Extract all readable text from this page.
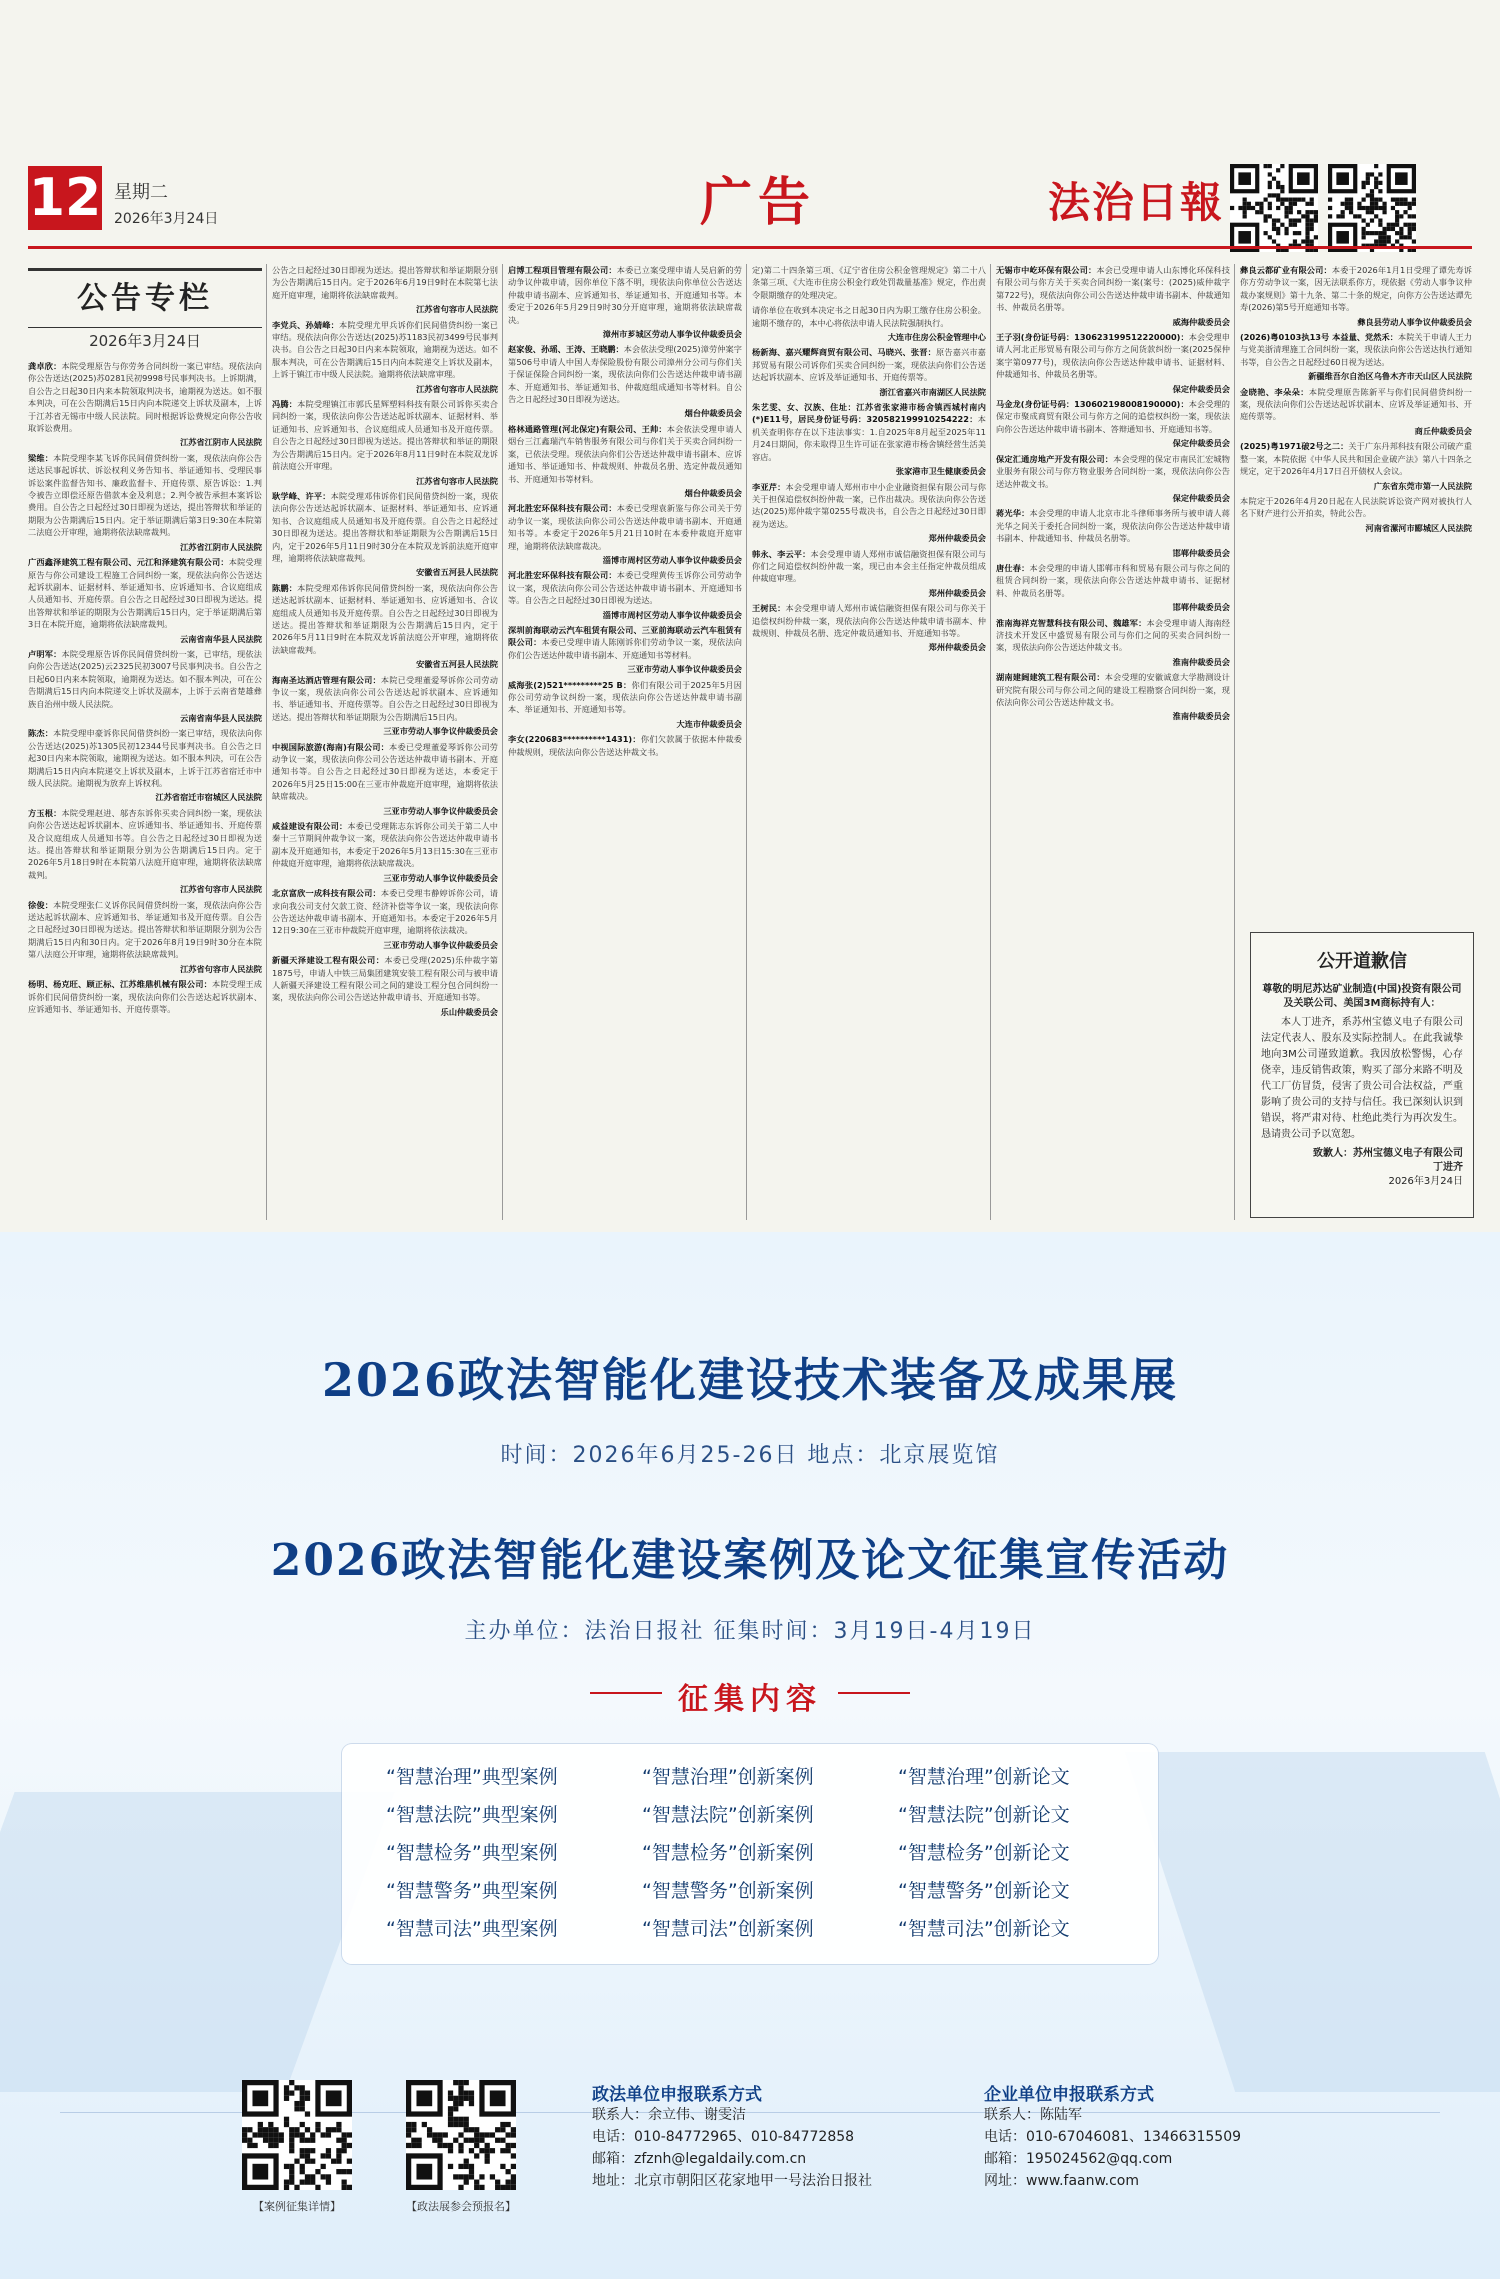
12 星期二
2026年3月24日	广告	法治日報
公告专栏
2026年3月24日
龚卓欣：本院受理原告与你劳务合同纠纷一案已审结。现依法向你公告送达(2025)苏0281民初9998号民事判决书。上诉期满，自公告之日起30日内来本院领取判决书，逾期视为送达。如不服本判决，可在公告期满后15日内向本院递交上诉状及副本，上诉于江苏省无锡市中级人民法院。同时根据诉讼费规定向你公告收取诉讼费用。
江苏省江阴市人民法院
梁维：本院受理李某飞诉你民间借贷纠纷一案，现依法向你公告送达民事起诉状、诉讼权利义务告知书、举证通知书、受理民事诉讼案件监督告知书、廉政监督卡、开庭传票、原告诉讼：1.判令被告立即偿还原告借款本金及利息；2.判令被告承担本案诉讼费用。自公告之日起经过30日即视为送达，提出答辩状和举证的期限为公告期满后15日内。定于举证期满后第3日9:30在本院第二法庭公开审理，逾期将依法缺席裁判。
江苏省江阴市人民法院
广西鑫泽建筑工程有限公司、元江和泽建筑有限公司：本院受理原告与你公司建设工程施工合同纠纷一案，现依法向你公告送达起诉状副本、证据材料、举证通知书、应诉通知书、合议庭组成人员通知书、开庭传票。自公告之日起经过30日即视为送达。提出答辩状和举证的期限为公告期满后15日内，定于举证期满后第3日在本院开庭，逾期将依法缺席裁判。
云南省南华县人民法院
卢明军：本院受理原告诉你民间借贷纠纷一案，已审结，现依法向你公告送达(2025)云2325民初3007号民事判决书。自公告之日起60日内来本院领取，逾期视为送达。如不服本判决，可在公告期满后15日内向本院递交上诉状及副本，上诉于云南省楚雄彝族自治州中级人民法院。
云南省南华县人民法院
陈杰：本院受理申豪诉你民间借贷纠纷一案已审结，现依法向你公告送达(2025)苏1305民初12344号民事判决书。自公告之日起30日内来本院领取，逾期视为送达。如不服本判决，可在公告期满后15日内向本院递交上诉状及副本，上诉于江苏省宿迁市中级人民法院。逾期视为放弃上诉权利。
江苏省宿迁市宿城区人民法院
方玉根：本院受理赵进、邬杏东诉你买卖合同纠纷一案，现依法向你公告送达起诉状副本、应诉通知书、举证通知书、开庭传票及合议庭组成人员通知书等。自公告之日起经过30日即视为送达。提出答辩状和举证期限分别为公告期满后15日内。定于2026年5月18日9时在本院第八法庭开庭审理，逾期将依法缺席裁判。
江苏省句容市人民法院
徐俊：本院受理张仁义诉你民间借贷纠纷一案，现依法向你公告送达起诉状副本、应诉通知书、举证通知书及开庭传票。自公告之日起经过30日即视为送达。提出答辩状和举证期限分别为公告期满后15日内和30日内。定于2026年8月19日9时30分在本院第八法庭公开审理，逾期将依法缺席裁判。
江苏省句容市人民法院
杨明、杨克旺、顾正标、江苏维鼎机械有限公司：本院受理王成诉你们民间借贷纠纷一案，现依法向你们公告送达起诉状副本、应诉通知书、举证通知书、开庭传票等。
公告之日起经过30日即视为送达。提出答辩状和举证期限分别为公告期满后15日内。定于2026年6月19日9时在本院第七法庭开庭审理，逾期将依法缺席裁判。
江苏省句容市人民法院
李党兵、孙婧峰：本院受理尤甲兵诉你们民间借贷纠纷一案已审结。现依法向你公告送达(2025)苏1183民初3499号民事判决书。自公告之日起30日内来本院领取，逾期视为送达。如不服本判决，可在公告期满后15日内向本院递交上诉状及副本，上诉于镇江市中级人民法院。逾期将依法缺席审理。
江苏省句容市人民法院
冯腾：本院受理镇江市郭氏星辉塑料科技有限公司诉你买卖合同纠纷一案，现依法向你公告送达起诉状副本、证据材料、举证通知书、应诉通知书、合议庭组成人员通知书及开庭传票。自公告之日起经过30日即视为送达。提出答辩状和举证的期限为公告期满后15日内。定于2026年8月11日9时在本院双龙诉前法庭公开审理。
江苏省句容市人民法院
耿学峰、许平：本院受理邓伟诉你们民间借贷纠纷一案，现依法向你公告送达起诉状副本、证据材料、举证通知书、应诉通知书、合议庭组成人员通知书及开庭传票。自公告之日起经过30日即视为送达。提出答辩状和举证期限为公告期满后15日内，定于2026年5月11日9时30分在本院双龙诉前法庭开庭审理，逾期将依法缺席裁判。
安徽省五河县人民法院
陈鹏：本院受理邓伟诉你民间借贷纠纷一案，现依法向你公告送达起诉状副本、证据材料、举证通知书、应诉通知书、合议庭组成人员通知书及开庭传票。自公告之日起经过30日即视为送达。提出答辩状和举证期限为公告期满后15日内，定于2026年5月11日9时在本院双龙诉前法庭公开审理，逾期将依法缺席裁判。
安徽省五河县人民法院
海南圣达酒店管理有限公司：本院已受理董爱琴诉你公司劳动争议一案，现依法向你公司公告送达起诉状副本、应诉通知书、举证通知书、开庭传票等。自公告之日起经过30日即视为送达。提出答辩状和举证期限为公告期满后15日内。
三亚市劳动人事争议仲裁委员会
中视国际旅游(海南)有限公司：本委已受理董爱琴诉你公司劳动争议一案，现依法向你公司公告送达仲裁申请书副本、开庭通知书等。自公告之日起经过30日即视为送达，本委定于2026年5月25日15:00在三亚市仲裁庭开庭审理，逾期将依法缺席裁决。
三亚市劳动人事争议仲裁委员会
咸益建设有限公司：本委已受理陈志东诉你公司关于第二人中秦十三节期间仲裁争议一案，现依法向你公告送达仲裁申请书副本及开庭通知书，本委定于2026年5月13日15:30在三亚市仲裁庭开庭审理，逾期将依法缺席裁决。
三亚市劳动人事争议仲裁委员会
北京富欣一成科技有限公司：本委已受理韦静婷诉你公司，请求向我公司支付欠款工资、经济补偿等争议一案，现依法向你公告送达仲裁申请书副本、开庭通知书。本委定于2026年5月12日9:30在三亚市仲裁院开庭审理，逾期将依法裁决。
三亚市劳动人事争议仲裁委员会
新疆天泽建设工程有限公司：本委已受理(2025)乐仲裁字第1875号，申请人中铁三局集团建筑安装工程有限公司与被申请人新疆天泽建设工程有限公司之间的建设工程分包合同纠纷一案，现依法向你公司公告送达仲裁申请书、开庭通知书等。
乐山仲裁委员会
启博工程项目管理有限公司：本委已立案受理申请人吴启新的劳动争议仲裁申请，因你单位下落不明，现依法向你单位公告送达仲裁申请书副本、应诉通知书、举证通知书、开庭通知书等。本委定于2026年5月29日9时30分开庭审理，逾期将依法缺席裁决。
漳州市芗城区劳动人事争议仲裁委员会
赵家俊、孙瑶、王涛、王晓鹏：本会依法受理(2025)漳劳仲案字第506号申请人中国人寿保险股份有限公司漳州分公司与你们关于保证保险合同纠纷一案，现依法向你们公告送达仲裁申请书副本、开庭通知书、举证通知书、仲裁庭组成通知书等材料。自公告之日起经过30日即视为送达。
烟台仲裁委员会
格林通路管理(河北保定)有限公司、王帅：本会依法受理申请人烟台三江鑫瑞汽车销售服务有限公司与你们关于买卖合同纠纷一案，已依法受理。现依法向你们公告送达仲裁申请书副本、应诉通知书、举证通知书、仲裁规则、仲裁员名册、选定仲裁员通知书、开庭通知书等材料。
烟台仲裁委员会
河北胜宏环保科技有限公司：本委已受理袁新鉴与你公司关于劳动争议一案，现依法向你公司公告送达仲裁申请书副本、开庭通知书等。本委定于2026年5月21日10时在本委仲裁庭开庭审理，逾期将依法缺席裁决。
淄博市周村区劳动人事争议仲裁委员会
河北胜宏环保科技有限公司：本委已受理黄传玉诉你公司劳动争议一案，现依法向你公司公告送达仲裁申请书副本、开庭通知书等。自公告之日起经过30日即视为送达。
淄博市周村区劳动人事争议仲裁委员会
深圳前海联动云汽车租赁有限公司、三亚前海联动云汽车租赁有限公司：本委已受理申请人陈刚诉你们劳动争议一案，现依法向你们公告送达仲裁申请书副本、开庭通知书等材料。
三亚市劳动人事争议仲裁委员会
威海张(2)521*********25 B：你们有限公司于2025年5月因你公司劳动争议纠纷一案，现依法向你公告送达仲裁申请书副本、举证通知书、开庭通知书等。
大连市仲裁委员会
李女(220683**********1431)：你们欠款属于依据本仲裁委仲裁规则，现依法向你公告送达仲裁文书。
定)第二十四条第三项、《辽宁省住房公积金管理规定》第二十八条第三项、《大连市住房公积金行政处罚裁量基准》规定，作出责令限期缴存的处理决定。
请你单位在收到本决定书之日起30日内为职工缴存住房公积金。逾期不缴存的，本中心将依法申请人民法院强制执行。
大连市住房公积金管理中心
杨新海、嘉兴耀辉商贸有限公司、马晓兴、张晋：原告嘉兴市嘉邦贸易有限公司诉你们买卖合同纠纷一案，现依法向你们公告送达起诉状副本、应诉及举证通知书、开庭传票等。
浙江省嘉兴市南湖区人民法院
朱艺雯、女、汉族、住址：江苏省张家港市杨舍镇西城村南内(*)E11号，居民身份证号码：320582199910254222：本机关查明你存在以下违法事实：1.自2025年8月起至2025年11月24日期间，你未取得卫生许可证在张家港市杨舍镇经营生活美容店。
张家港市卫生健康委员会
李亚芹：本会受理申请人郑州市中小企业融资担保有限公司与你关于担保追偿权纠纷仲裁一案，已作出裁决。现依法向你公告送达(2025)郑仲裁字第0255号裁决书，自公告之日起经过30日即视为送达。
郑州仲裁委员会
韩永、李云平：本会受理申请人郑州市诚信融资担保有限公司与你们之间追偿权纠纷仲裁一案，现已由本会主任指定仲裁员组成仲裁庭审理。
郑州仲裁委员会
王树民：本会受理申请人郑州市诚信融资担保有限公司与你关于追偿权纠纷仲裁一案，现依法向你公告送达仲裁申请书副本、仲裁规则、仲裁员名册、选定仲裁员通知书、开庭通知书等。
郑州仲裁委员会
无锡市中屹环保有限公司：本会已受理申请人山东博化环保科技有限公司与你方关于买卖合同纠纷一案(案号：(2025)威仲裁字第722号)，现依法向你公司公告送达仲裁申请书副本、仲裁通知书、仲裁员名册等。
威海仲裁委员会
王子羽(身份证号码：130623199512220000)：本会受理申请人河北正彤贸易有限公司与你方之间货款纠纷一案(2025保仲案字第0977号)，现依法向你公告送达仲裁申请书、证据材料、仲裁通知书、仲裁员名册等。
保定仲裁委员会
马金龙(身份证号码：130602198008190000)：本会受理的保定市聚成商贸有限公司与你方之间的追偿权纠纷一案，现依法向你公告送达仲裁申请书副本、答辩通知书、开庭通知书等。
保定仲裁委员会
保定汇通房地产开发有限公司：本会受理的保定市南民汇宏城物业服务有限公司与你方物业服务合同纠纷一案，现依法向你公告送达仲裁文书。
保定仲裁委员会
蒋光华：本会受理的申请人北京市北斗律师事务所与被申请人蒋光华之间关于委托合同纠纷一案，现依法向你公告送达仲裁申请书副本、仲裁通知书、仲裁员名册等。
邯郸仲裁委员会
唐仕春：本会受理的申请人邯郸市科和贸易有限公司与你之间的租赁合同纠纷一案，现依法向你公告送达仲裁申请书、证据材料、仲裁员名册等。
邯郸仲裁委员会
淮南海祥克智慧科技有限公司、魏雄军：本会受理申请人海南经济技术开发区中盛贸易有限公司与你们之间的买卖合同纠纷一案，现依法向你公告送达仲裁文书。
淮南仲裁委员会
湖南建阔建筑工程有限公司：本会受理的安徽诚意大学勘测设计研究院有限公司与你公司之间的建设工程勘察合同纠纷一案，现依法向你公司公告送达仲裁文书。
淮南仲裁委员会
彝良云都矿业有限公司：本委于2026年1月1日受理了谭先寿诉你方劳动争议一案，因无法联系你方，现依据《劳动人事争议仲裁办案规则》第十九条、第二十条的规定，向你方公告送达谭先寿(2026)第5号开庭通知书等。
彝良县劳动人事争议仲裁委员会
(2026)粤0103执13号 本益量、党然禾：本院关于申请人王力与党美浙清理施工合同纠纷一案，现依法向你公告送达执行通知书等，自公告之日起经过60日视为送达。
新疆维吾尔自治区乌鲁木齐市天山区人民法院
金晓艳、李朵朵：本院受理原告陈新平与你们民间借贷纠纷一案，现依法向你们公告送达起诉状副本、应诉及举证通知书、开庭传票等。
商丘仲裁委员会
(2025)粤1971破2号之二：关于广东丹邦科技有限公司破产重整一案，本院依据《中华人民共和国企业破产法》第八十四条之规定，定于2026年4月17日召开债权人会议。
广东省东莞市第一人民法院
本院定于2026年4月20日起在人民法院诉讼资产网对被执行人名下财产进行公开拍卖，特此公告。
河南省漯河市郾城区人民法院
公开道歉信
尊敬的明尼苏达矿业制造(中国)投资有限公司及关联公司、美国3M商标持有人：
本人丁进齐，系苏州宝德义电子有限公司法定代表人、股东及实际控制人。在此我诚挚地向3M公司谨致道歉。我因放松警惕，心存侥幸，违反销售政策，购买了部分来路不明及代工厂仿冒货，侵害了贵公司合法权益，严重影响了贵公司的支持与信任。我已深刻认识到错误，将严肃对待、杜绝此类行为再次发生。恳请贵公司予以宽恕。
致歉人：苏州宝德义电子有限公司
丁进齐
2026年3月24日
2026政法智能化建设技术装备及成果展
时间：2026年6月25-26日 地点：北京展览馆
2026政法智能化建设案例及论文征集宣传活动
主办单位：法治日报社 征集时间：3月19日-4月19日
征集内容
“智慧治理”典型案例	“智慧治理”创新案例	“智慧治理”创新论文
“智慧法院”典型案例	“智慧法院”创新案例	“智慧法院”创新论文
“智慧检务”典型案例	“智慧检务”创新案例	“智慧检务”创新论文
“智慧警务”典型案例	“智慧警务”创新案例	“智慧警务”创新论文
“智慧司法”典型案例	“智慧司法”创新案例	“智慧司法”创新论文
【案例征集详情】	【政法展参会预报名】
政法单位申报联系方式
联系人：余立伟、谢雯洁
电话：010-84772965、010-84772858
邮箱：zfznh@legaldaily.com.cn
地址：北京市朝阳区花家地甲一号法治日报社
企业单位申报联系方式
联系人：陈陆军
电话：010-67046081、13466315509
邮箱：195024562@qq.com
网址：www.faanw.com
